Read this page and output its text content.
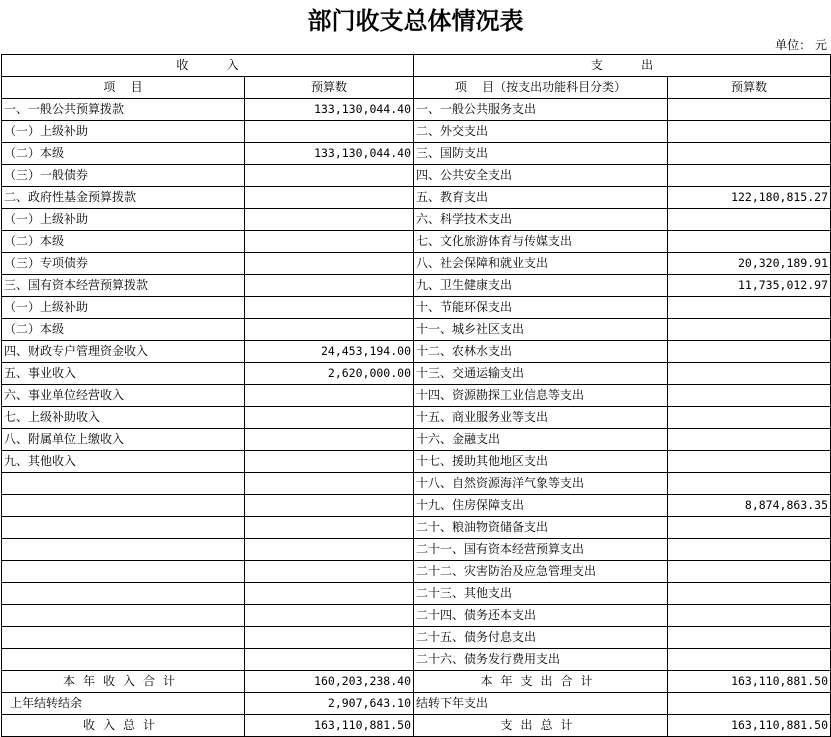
部门收支总体情况表
单位： 元
收          入		支          出	
项    目	预算数	项    目（按支出功能科目分类）	预算数
一、一般公共预算拨款	133,130,044.40	一、一般公共服务支出	
（一）上级补助		二、外交支出	
（二）本级	133,130,044.40	三、国防支出	
（三）一般债券		四、公共安全支出	
二、政府性基金预算拨款		五、教育支出	122,180,815.27
（一）上级补助		六、科学技术支出	
（二）本级		七、文化旅游体育与传媒支出	
（三）专项债券		八、社会保障和就业支出	20,320,189.91
三、国有资本经营预算拨款		九、卫生健康支出	11,735,012.97
（一）上级补助		十、节能环保支出	
（二）本级		十一、城乡社区支出	
四、财政专户管理资金收入	24,453,194.00	十二、农林水支出	
五、事业收入	2,620,000.00	十三、交通运输支出	
六、事业单位经营收入		十四、资源勘探工业信息等支出	
七、上级补助收入		十五、商业服务业等支出	
八、附属单位上缴收入		十六、金融支出	
九、其他收入		十七、援助其他地区支出	
		十八、自然资源海洋气象等支出	
		十九、住房保障支出	8,874,863.35
		二十、粮油物资储备支出	
		二十一、国有资本经营预算支出	
		二十二、灾害防治及应急管理支出	
		二十三、其他支出	
		二十四、债务还本支出	
		二十五、债务付息支出	
		二十六、债务发行费用支出	
本年收入合计	160,203,238.40	本年支出合计	163,110,881.50
上年结转结余	2,907,643.10	结转下年支出	
收入总计	163,110,881.50	支出总计	163,110,881.50
